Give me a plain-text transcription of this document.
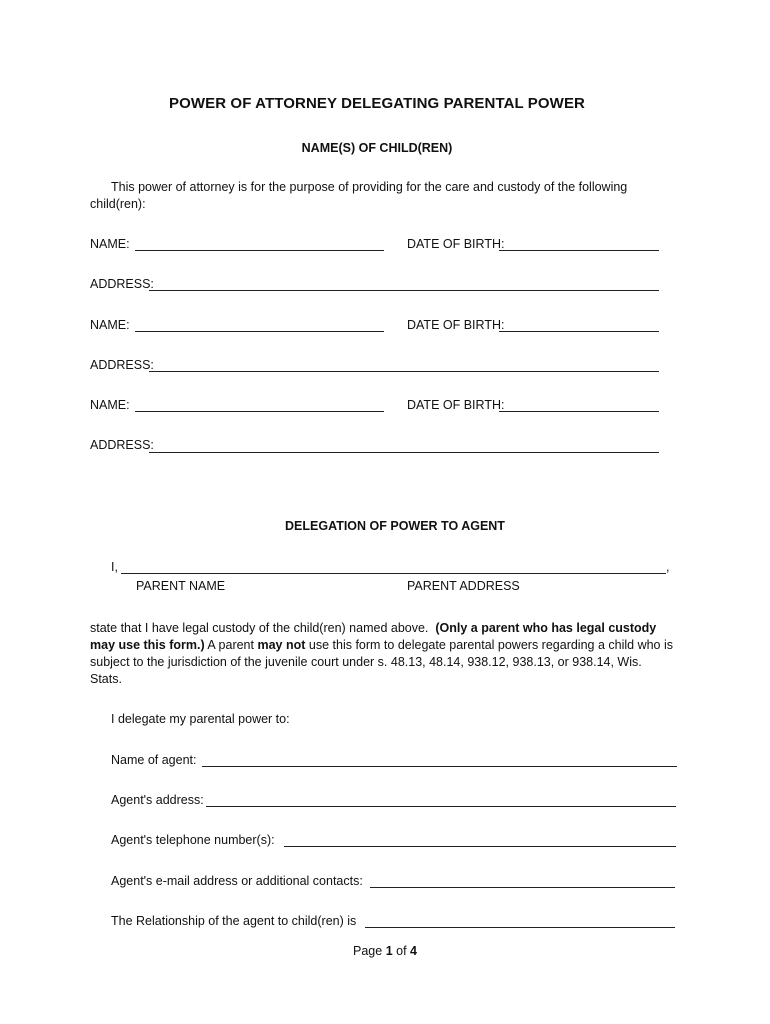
POWER OF ATTORNEY DELEGATING PARENTAL POWER
NAME(S) OF CHILD(REN)
This power of attorney is for the purpose of providing for the care and custody of the following
child(ren):
NAME:	DATE OF BIRTH:
ADDRESS:
NAME:	DATE OF BIRTH:
ADDRESS:
NAME:	DATE OF BIRTH:
ADDRESS:
DELEGATION OF POWER TO AGENT
I,	,
PARENT NAME	PARENT ADDRESS
state that I have legal custody of the child(ren) named above. (Only a parent who has legal custody
may use this form.) A parent may not use this form to delegate parental powers regarding a child who is
subject to the jurisdiction of the juvenile court under s. 48.13, 48.14, 938.12, 938.13, or 938.14, Wis.
Stats.
I delegate my parental power to:
Name of agent:
Agent's address:
Agent's telephone number(s):
Agent's e-mail address or additional contacts:
The Relationship of the agent to child(ren) is
Page 1 of 4
